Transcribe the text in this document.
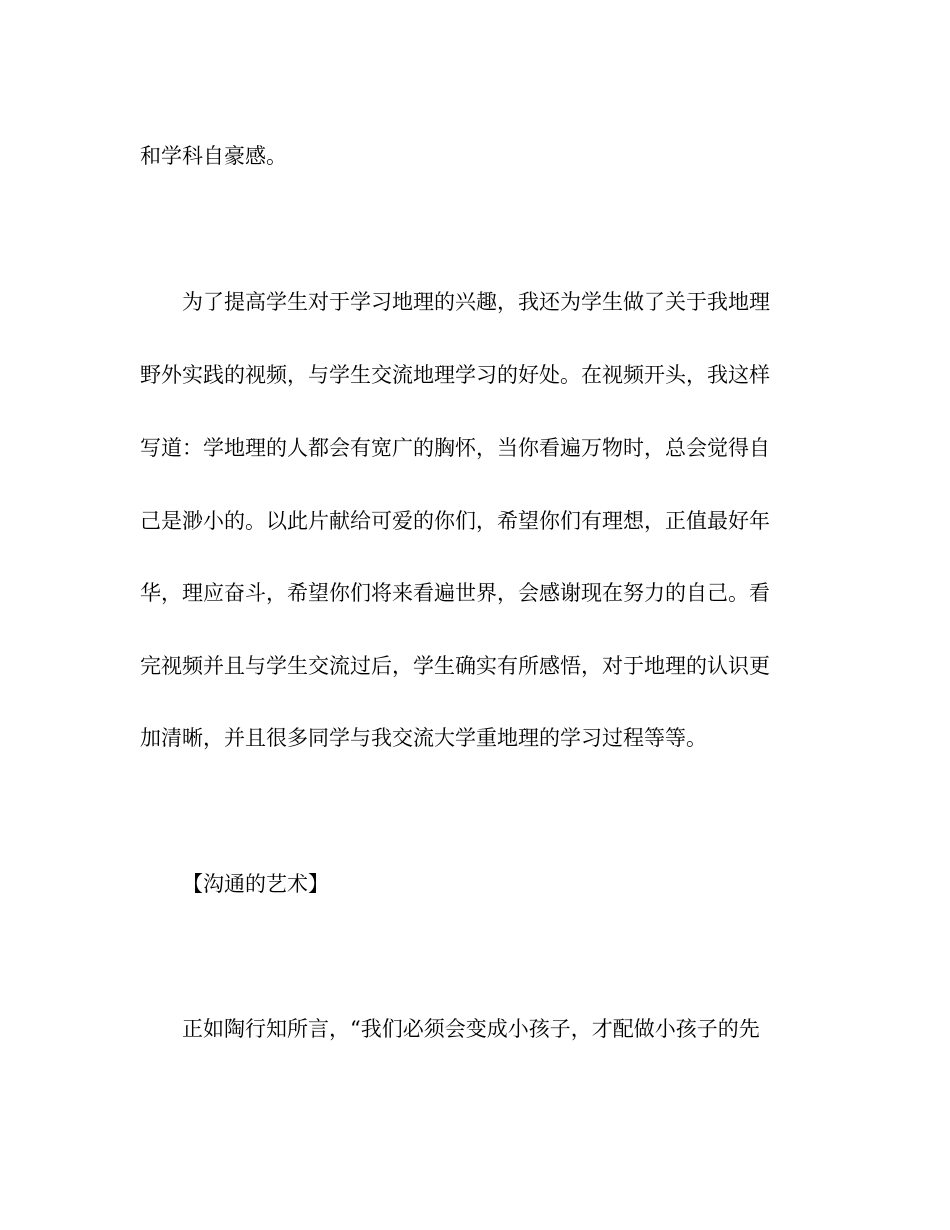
和学科自豪感。
为了提高学生对于学习地理的兴趣，我还为学生做了关于我地理
野外实践的视频，与学生交流地理学习的好处。在视频开头，我这样
写道：学地理的人都会有宽广的胸怀，当你看遍万物时，总会觉得自
己是渺小的。以此片献给可爱的你们，希望你们有理想，正值最好年
华，理应奋斗，希望你们将来看遍世界，会感谢现在努力的自己。看
完视频并且与学生交流过后，学生确实有所感悟，对于地理的认识更
加清晰，并且很多同学与我交流大学重地理的学习过程等等。
【沟通的艺术】
正如陶行知所言，“我们必须会变成小孩子，才配做小孩子的先
